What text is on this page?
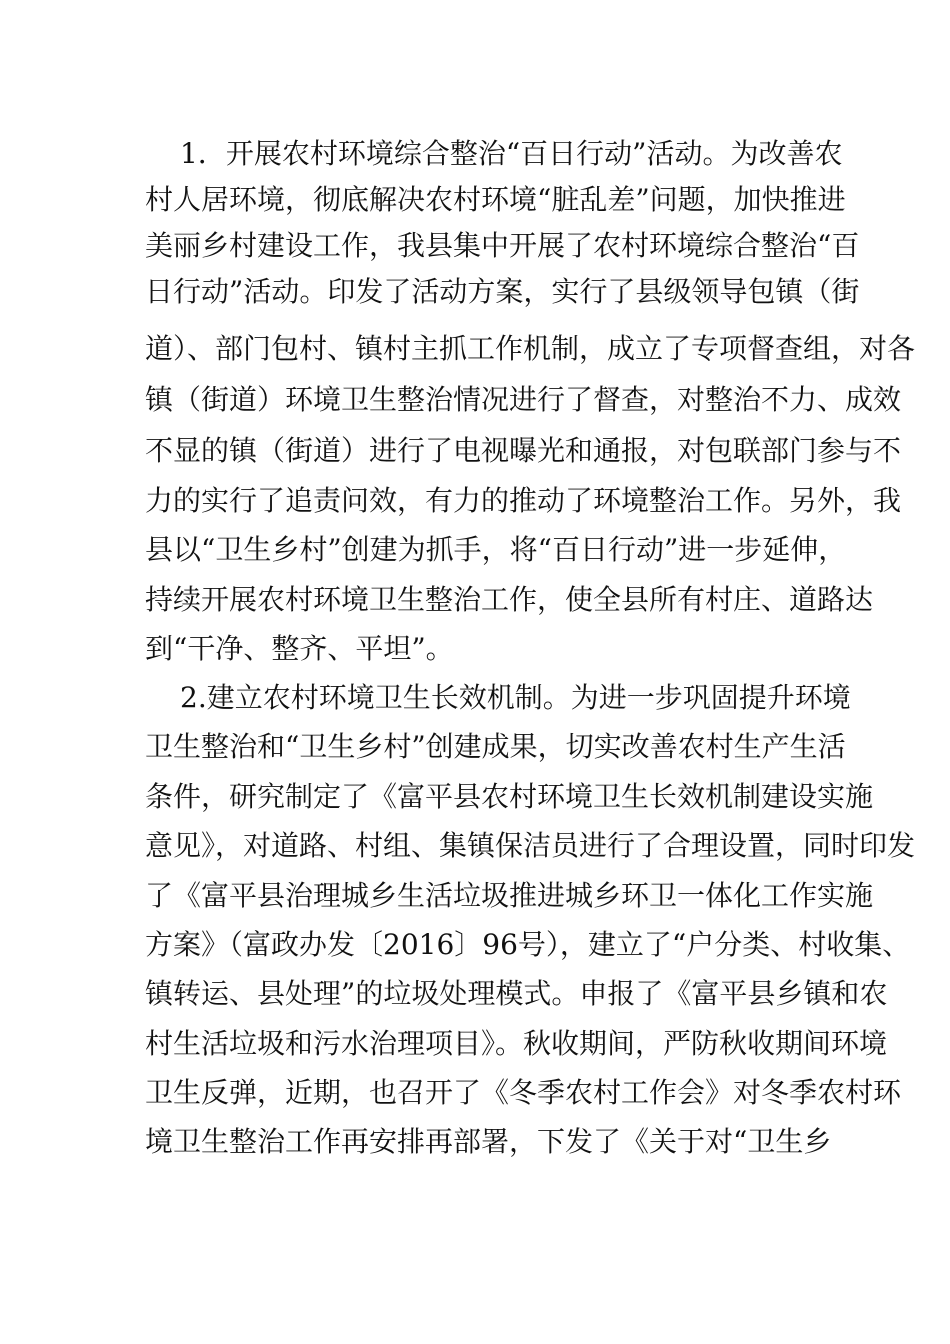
1．开展农村环境综合整治“百日行动”活动。为改善农
村人居环境，彻底解决农村环境“脏乱差”问题，加快推进
美丽乡村建设工作，我县集中开展了农村环境综合整治“百
日行动”活动。印发了活动方案，实行了县级领导包镇（街
道）、部门包村、镇村主抓工作机制，成立了专项督查组，对各
镇（街道）环境卫生整治情况进行了督查，对整治不力、成效
不显的镇（街道）进行了电视曝光和通报，对包联部门参与不
力的实行了追责问效，有力的推动了环境整治工作。另外，我
县以“卫生乡村”创建为抓手，将“百日行动”进一步延伸，
持续开展农村环境卫生整治工作，使全县所有村庄、道路达
到“干净、整齐、平坦”。
2.建立农村环境卫生长效机制。为进一步巩固提升环境
卫生整治和“卫生乡村”创建成果，切实改善农村生产生活
条件，研究制定了《富平县农村环境卫生长效机制建设实施
意见》，对道路、村组、集镇保洁员进行了合理设置，同时印发
了《富平县治理城乡生活垃圾推进城乡环卫一体化工作实施
方案》（富政办发〔2016〕96号），建立了“户分类、村收集、
镇转运、县处理”的垃圾处理模式。申报了《富平县乡镇和农
村生活垃圾和污水治理项目》。秋收期间，严防秋收期间环境
卫生反弹，近期，也召开了《冬季农村工作会》对冬季农村环
境卫生整治工作再安排再部署，下发了《关于对“卫生乡
